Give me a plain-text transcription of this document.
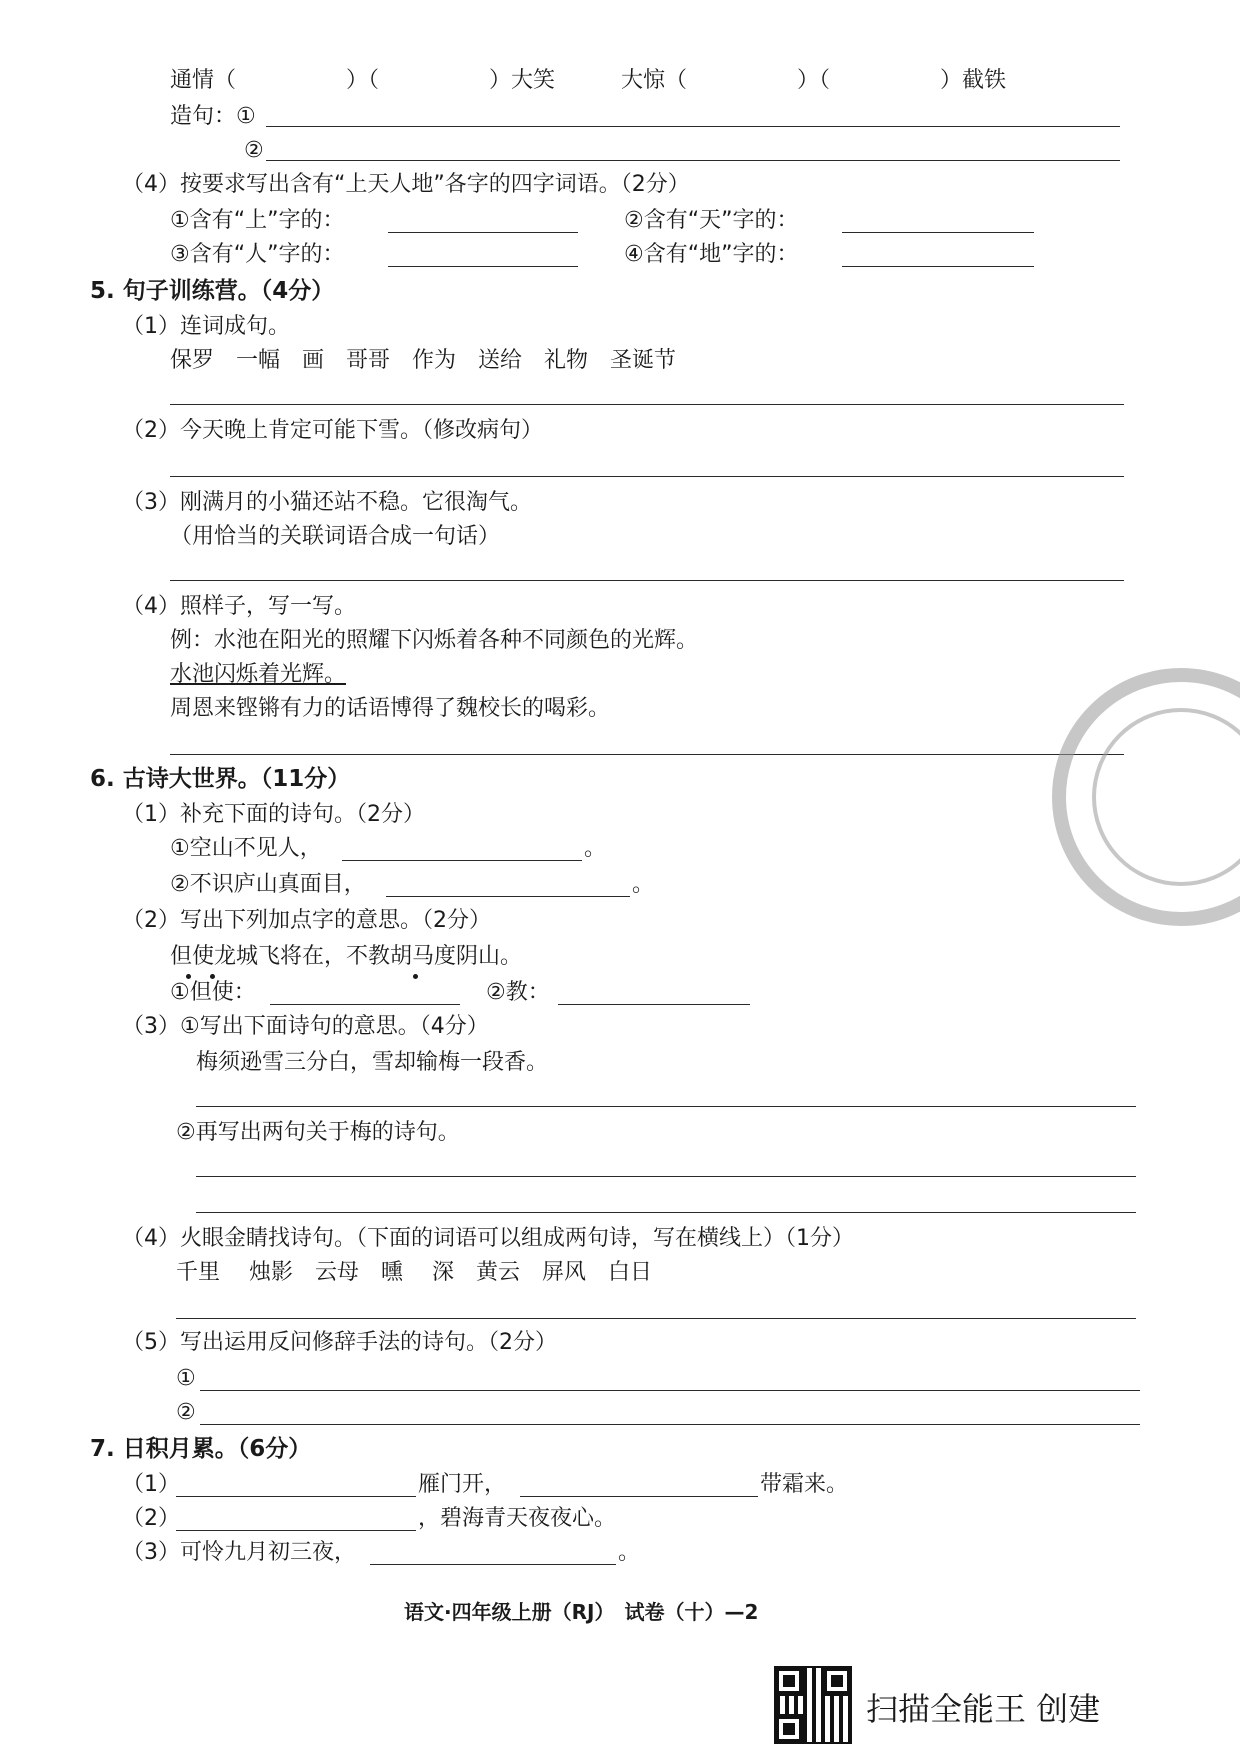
通情（　　　　　）（　　　　　）大笑　　　大惊（　　　　　）（　　　　　）截铁
造句：①
②
（4）按要求写出含有“上天人地”各字的四字词语。（2分）
①含有“上”字的：	②含有“天”字的：
③含有“人”字的：	④含有“地”字的：
5. 句子训练营。（4分）
（1）连词成句。
保罗　一幅　画　哥哥　作为　送给　礼物　圣诞节
（2）今天晚上肯定可能下雪。（修改病句）
（3）刚满月的小猫还站不稳。它很淘气。
（用恰当的关联词语合成一句话）
（4）照样子，写一写。
例：水池在阳光的照耀下闪烁着各种不同颜色的光辉。
水池闪烁着光辉。
周恩来铿锵有力的话语博得了魏校长的喝彩。
6. 古诗大世界。（11分）
（1）补充下面的诗句。（2分）
①空山不见人，	。
②不识庐山真面目，	。
（2）写出下列加点字的意思。（2分）
但使龙城飞将在，不教胡马度阴山。
①但使：	②教：
（3）①写出下面诗句的意思。（4分）
梅须逊雪三分白，雪却输梅一段香。
②再写出两句关于梅的诗句。
（4）火眼金睛找诗句。（下面的词语可以组成两句诗，写在横线上）（1分）
千里　 烛影　云母　曛　 深　黄云　屏风　白日
（5）写出运用反问修辞手法的诗句。（2分）
①
②
7. 日积月累。（6分）
（1）	雁门开，	带霜来。
（2）	，碧海青天夜夜心。
（3）可怜九月初三夜，	。
语文·四年级上册（RJ）　试卷（十）—2
扫描全能王 创建
